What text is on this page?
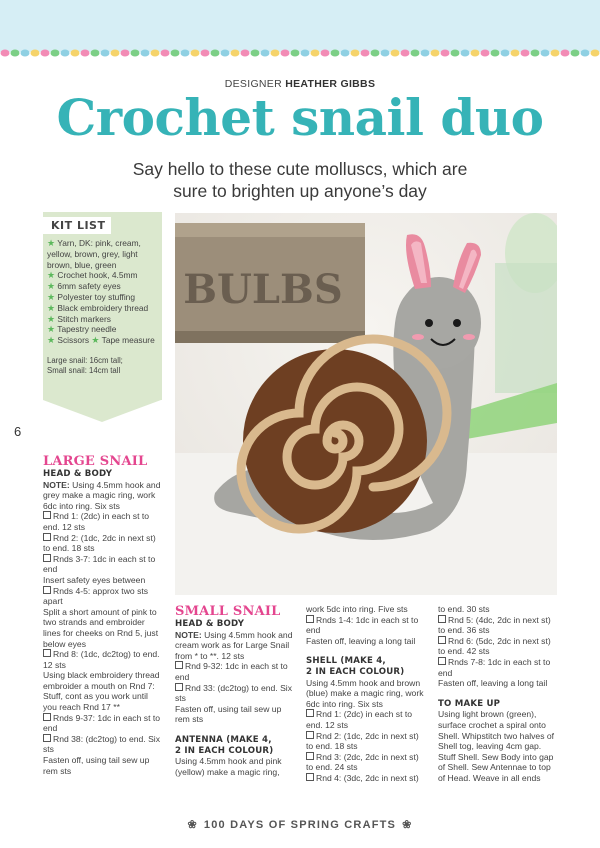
DESIGNER HEATHER GIBBS
Crochet snail duo
Say hello to these cute molluscs, which are
sure to brighten up anyone’s day
KIT LIST
★ Yarn, DK: pink, cream, yellow, brown, grey, light brown, blue, green
★ Crochet hook, 4.5mm
★ 6mm safety eyes
★ Polyester toy stuffing
★ Black embroidery thread
★ Stitch markers
★ Tapestry needle
★ Scissors ★ Tape measure
Large snail: 16cm tall;
Small snail: 14cm tall
BULBS
6

LARGE SNAIL

HEAD & BODY

NOTE: Using 4.5mm hook and grey make a magic ring, work 6dc into ring. Six sts

Rnd 1: (2dc) in each st to end. 12 sts

Rnd 2: (1dc, 2dc in next st) to end. 18 sts

Rnds 3-7: 1dc in each st to end

Insert safety eyes between

Rnds 4-5: approx two sts apart

Split a short amount of pink to two strands and embroider lines for cheeks on Rnd 5, just below eyes

Rnd 8: (1dc, dc2tog) to end. 12 sts

Using black embroidery thread embroider a mouth on Rnd 7: Stuff, cont as you work until you reach Rnd 17 **

Rnds 9-37: 1dc in each st to end

Rnd 38: (dc2tog) to end. Six sts

Fasten off, using tail sew up rem sts

SMALL SNAIL

HEAD & BODY

NOTE: Using 4.5mm hook and cream work as for Large Snail from * to **. 12 sts

Rnd 9-32: 1dc in each st to end

Rnd 33: (dc2tog) to end. Six sts

Fasten off, using tail sew up rem sts

ANTENNA (MAKE 4,

2 IN EACH COLOUR)

Using 4.5mm hook and pink (yellow) make a magic ring,

work 5dc into ring. Five sts

Rnds 1-4: 1dc in each st to end

Fasten off, leaving a long tail

SHELL (MAKE 4,

2 IN EACH COLOUR)

Using 4.5mm hook and brown (blue) make a magic ring, work 6dc into ring. Six sts

Rnd 1: (2dc) in each st to end. 12 sts

Rnd 2: (1dc, 2dc in next st) to end. 18 sts

Rnd 3: (2dc, 2dc in next st) to end. 24 sts

Rnd 4: (3dc, 2dc in next st)

to end. 30 sts

Rnd 5: (4dc, 2dc in next st) to end. 36 sts

Rnd 6: (5dc, 2dc in next st) to end. 42 sts

Rnds 7-8: 1dc in each st to end

Fasten off, leaving a long tail

TO MAKE UP

Using light brown (green), surface crochet a spiral onto Shell. Whipstitch two halves of Shell tog, leaving 4cm gap. Stuff Shell. Sew Body into gap of Shell. Sew Antennae to top of Head. Weave in all ends

❀ 100 DAYS OF SPRING CRAFTS ❀
